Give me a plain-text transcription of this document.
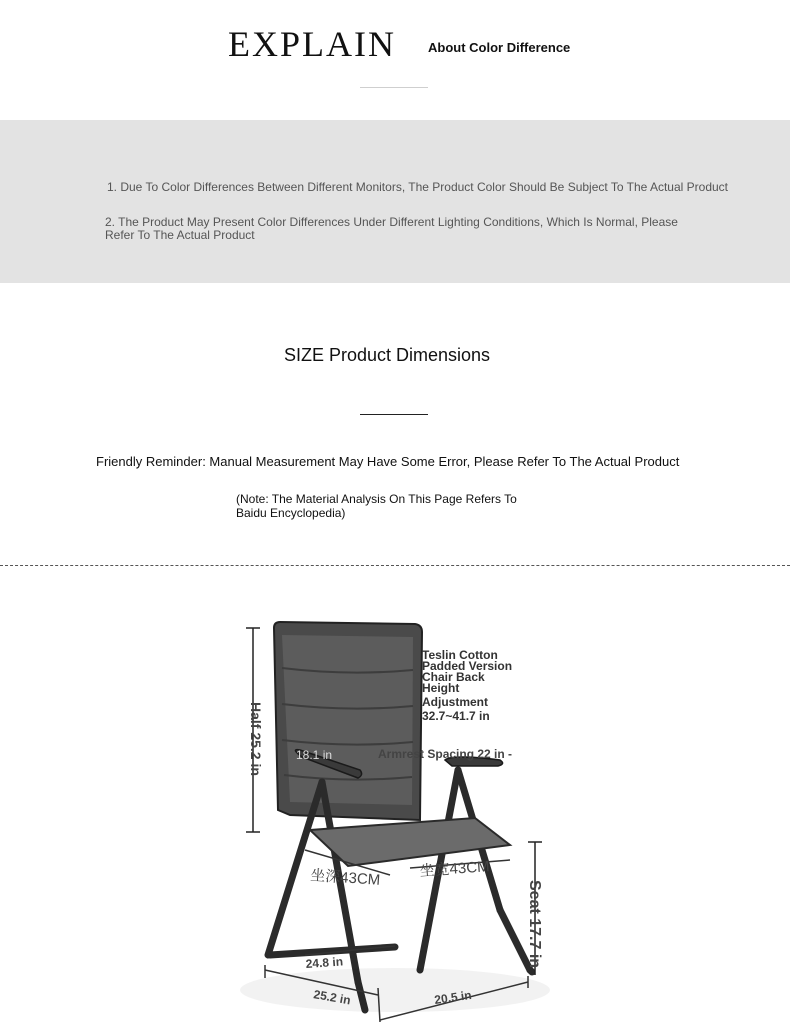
EXPLAIN About Color Difference
1. Due To Color Differences Between Different Monitors, The Product Color Should Be Subject To The Actual Product
2. The Product May Present Color Differences Under Different Lighting Conditions, Which Is Normal, Please Refer To The Actual Product
SIZE Product Dimensions
Friendly Reminder: Manual Measurement May Have Some Error, Please Refer To The Actual Product
(Note: The Material Analysis On This Page Refers To Baidu Encyclopedia)
Half 25.2 in	18.1 in	Armrest Spacing 22 in -
坐深43CM	坐宽43CM
Seat 17.7 in
24.8 in
25.2 in	20.5 in
Teslin Cotton
Padded Version
Chair Back
Height
Adjustment
32.7~41.7 in
